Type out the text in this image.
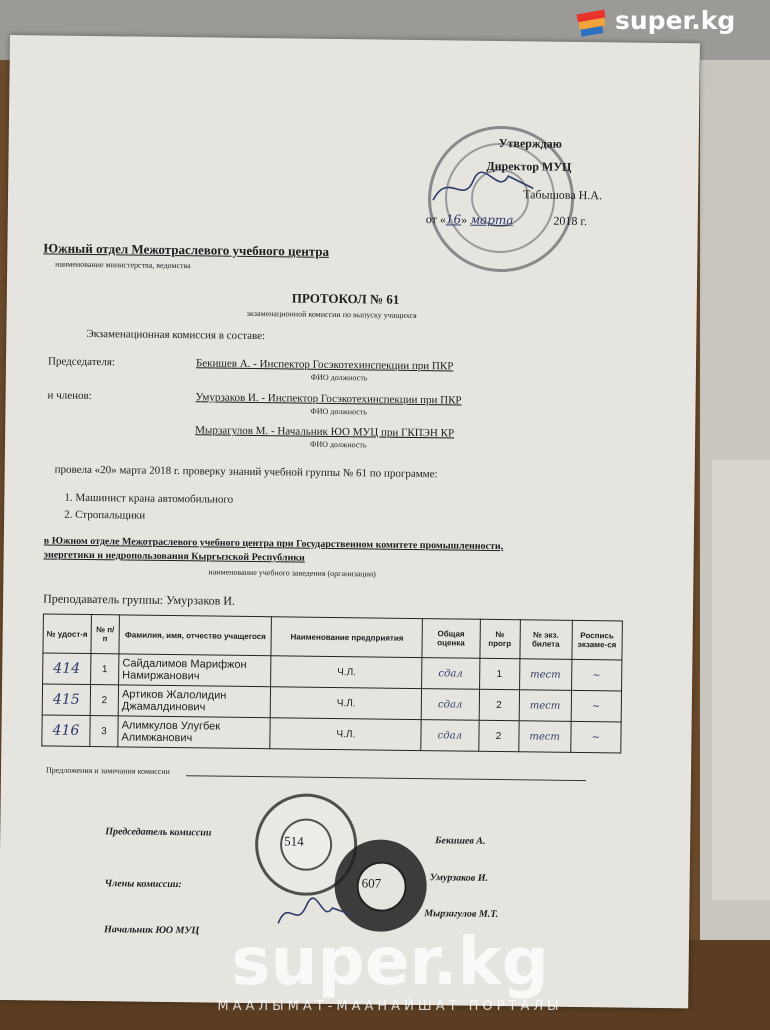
Утверждаю
Директор МУЦ
Табышова Н.А.
от «16» марта	2018 г.
Южный отдел Межотраслевого учебного центра
наименование министерства, ведомства
ПРОТОКОЛ № 61
экзаменационной комиссии по выпуску учащихся
Экзаменационная комиссия в составе:
Председателя:	Бекишев А. - Инспектор Госэкотехинспекции при ПКР
ФИО должность
и членов:	Умурзаков И. - Инспектор Госэкотехинспекции при ПКР
ФИО должность
Мырзагулов М. - Начальник ЮО МУЦ при ГКПЭН КР
ФИО должность
провела «20» марта 2018 г. проверку знаний учебной группы № 61 по программе:
1. Машинист крана автомобильного
2. Стропальщики
в Южном отделе Межотраслевого учебного центра при Государственном комитете промышленности,
энергетики и недропользования Кыргызской Республики
наименование учебного заведения (организации)
Преподаватель группы: Умурзаков И.
№ удост-я	№ п/п	Фамилия, имя, отчество учащегося	Наименование предприятия	Общая оценка	№ прогр	№ экз. билета	Роспись экзаме-ся
414	1	Сайдалимов Марифжон Намиржанович	Ч.Л.	сдал	1	тест	~
415	2	Артиков Жалолидин Джамалдинович	Ч.Л.	сдал	2	тест	~
416	3	Алимкулов Улугбек Алимжанович	Ч.Л.	сдал	2	тест	~
Предложения и замечания комиссии
514
607
Председатель комиссии
Бекишев А.
Члены комиссии:
Умурзаков И.
Начальник ЮО МУЦ
Мырзагулов М.Т.
super.kg
super.kg
МААЛЫМАТ-МААНАЙШАТ ПОРТАЛЫ
